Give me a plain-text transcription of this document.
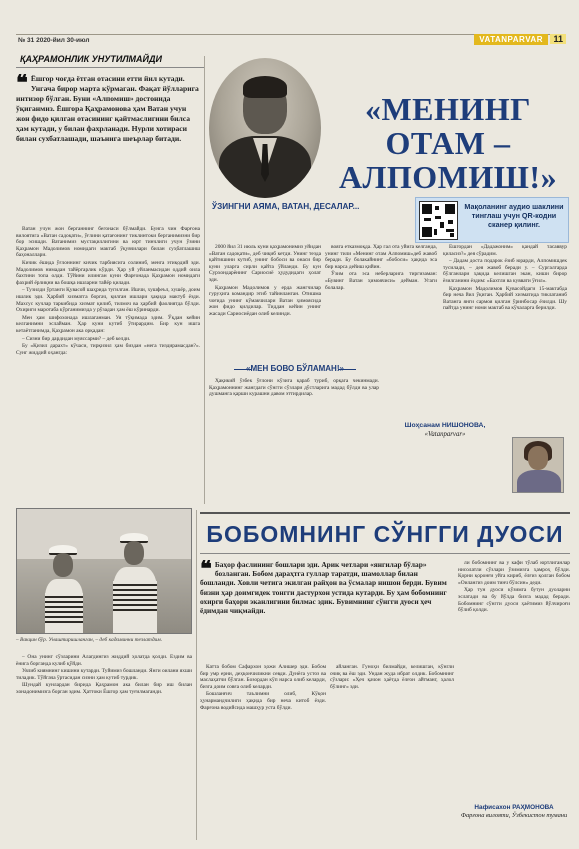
№ 31 2020-йил 30-июл	VATANPARVAR	11
ҚАҲРАМОНЛИК УНУТИЛМАЙДИ
❝ Ёшгор чоғда ётган отасини етти йил кутади. Унгача бирор марта кўрмаган. Фақат йўлларига интизор бўлган. Буни «Алпомиш» достонида ўқиганмиз. Ёшгора Қаҳрамонова ҳам Ватан учун жон фидо қилган отасининг қайтмаслигини билса ҳам кутади, у билан фахрланади. Нурли хотираси билан сухбатлашади, шаънига шеърлар битади.

Ватан учун жон берганнинг бегонаси бўлмайди. Бунга чин Фарғона вилоятига «Ватан садоқати», ўғлини қатағонинг тиклинтоки берганимизни бир бор эсишди. Ватанимиз мустақиллигини ва юрт тинчлиги учун ўзини Қаҳрамон Мадолимов номидаги мактаб ўқувчилари билан суҳбатлашиш баҳоналлари.

Кичик ёшида ўғлоннинг кичик тарбиясига солиниб, менга этиқодий эди. Мадолимов нимадан тайёргарлик кўрди. Ҳар уй уйланмасидан оддий оила бахтини топа олди. Тўйини илинган куни Фарғонада Қаҳрамон номидаги фахрий ёрлиқни ва бошқа ишларни тайёр қилади.

– Тузилди ўртанги Қувасой шаҳрида тугилган. Ишчи, хушфеъл, хушёр, доим ишлик эди. Ҳарбий хизматга боргач, қилган ишлари ҳақида мактуб ёзди. Махсус кучлар таркибида хизмат қилиб, тилмоч ва ҳарбий фаолиятда бўлди. Охириги маротаба кўрганимизда у рўзадан ҳам ёш кўринарди.

Мен ҳам шифохонада ишлаганман. Уя тўқимада эдим. Ўқдан кейин келганимни эслайман. Ҳар куни кутиб ўтирардим. Бир кун ишга кетаётганимда, Қаҳрамон ака орқадан:

– Сизни бир дардидан муяссарми? – деб келди.

Бу «Қизил дарахт» кўчаси, тирқизил ҳам биздан «нега тиздирамасдан?». Сунг жиддий оҳангда:

«МЕНИНГ ОТАМ – АЛПОМИШ!»
ЎЗИНГНИ АЯМА, ВАТАН, ДЕСАЛАР...	Мақоланинг аудио шаклини тинглаш учун QR-кодни сканер қилинг.

2000 йил 31 июль куни қаҳрамонимиз уйидан «Ватан садоқати», деб чиқиб кетди. Унинг тезда қайтишини кутиб, унинг бобоси ва онаси бир куни уларга сирли қайта ўйланди. Бу кун Сурхондарёнинг Сариосиё ҳудудидаги ҳолат эди.

Қаҳрамон Мадолимов у ерда жангчилар гуруҳига командир этиб тайинланган. Отишма чоғида унинг кўмакчилари Ватан ҳимоясида жон фидо қилдилар. Тиддан кейин унинг жасади Сариосиёдан олиб келинди.

«МЕН БОВО БЎЛАМАН!»

Ҳақикий ўзбек ўғлони кўзига қараб туриб, орқага чекинмади. Қаҳрамоннинг жангдаги сўнгги сўзлари дўстларига мадад бўлди ва улар душманга қарши курашни давом эттирдилар.

вояга етказмоқда. Ҳар гал ота уйига келганда, унинг тили «Менинг отам Алпомиш»деб жавоб беради. Бу болакайнинг «бобоси» ҳақида эса бир нарса дейиш қийин.

Ўзим ота эса неберларига тиргизаман: «Бувинг Ватан ҳимоячиси» дейман. Угаги болалар.

Ёшгордан «Дадажоним» қандай тасаввур қиласиз?» дея сўрадим.

– Дадам доста подарок ёзиб юрарди, Алпомишдек тусилади, – дея жавоб беради у. – Сургалгарда бўлганлари ҳақида келишган экан, киши бирор ёзилганини ёздим: «Бахтли ва куввати ўғил».

Қаҳрамон Мадолимов Қувасойдаги 15-мактабда бир неча йил ўқиган. Ҳарбий хизматида тиклатаниб Ватанга янги сармоя қилган ўринбосар ёзилди. Шу пайтда унинг номи мактаб ва кўчаларга берилди.

Шоҳсанам НИШОНОВА,
«Vatanparvar»
– Вакцин бўр. Унаштиришланган, – деб кадаминни тезлатдим.

– Она унинг сўзларини Алагдингиз жиддий ҳолатда қолди. Ёздим ва ёнига борганда кулиб қўйди.

Уялиб киямнинг кишини кутарди. Туйимиз бошланди. Янги оилани яхши тиладик. Тўйгача ўртасидан сизни ҳам кутиб турдик.

Шундай кунлардан бирида Қаҳрамон ака билан бир иш билан хонадонимизга борган эдим. Ҳаттоки Ёшгор ҳам туғилмаганди.

БОБОМНИНГ СЎНГГИ ДУОСИ
❝ Баҳор фаслининг бошлари эди. Арик четлари «янгилар бўлар» бозланган. Бобом дараҳтга гуллар таратди, шамоллар билан бошланди. Ховли четига экилган райҳон ва ўсмалар нишон берди. Бувим бизни ҳар доимгидек тонгги дастурхон устида кутарди. Бу ҳам бобомнинг охирги баҳори эканлигини билмас эдик. Бувимнинг сўнгги дуоси ҳеч ёдимдан чиқмайди.

Катта бобом Сафархон ҳожи Алишер эди. Бобом бир умр ерни, деҳқончиликни севди. Дунёга устоз ва маслаҳатчи бўлган. Бозордан кўп нарса олиб келарди, бизга доим совға олиб келарди.

Бошланғич таълимни олиб, Кўқон ҳунармандчилиги ҳақида бир неча китоб ёзди. Фарғона водийсида машҳур уста бўлди.

айланган. Гуноҳи билмайди, келишган, кўнгли очиқ ва ёш эди. Ундан жуда ибрат олдик. Бобомнинг сўзлари: «Ҳеч қачон ҳаётда ёлғон айтманг, ҳалол бўлинг» эди.

ли бобомнинг ва у кафи тўлаб юртлиганлар нисолатли сўзлари ўзимизга ҳамроҳ бўлди. Қорни қоронғи уйга кириб, ёлғиз қолган бобом «Оилангиз доим тинч бўлсин» деди.

Ҳар тун дуоси кўзимга бутун дуоларни эслатади ва бу йўлда бизга мадад беради. Бобомнинг сўнгги дуоси ҳаётимиз йўлчироғи бўлиб қолди.

Нафисахон РАҲМОНОВА
Фарғона вилояти, Ўзбекистон тумани
